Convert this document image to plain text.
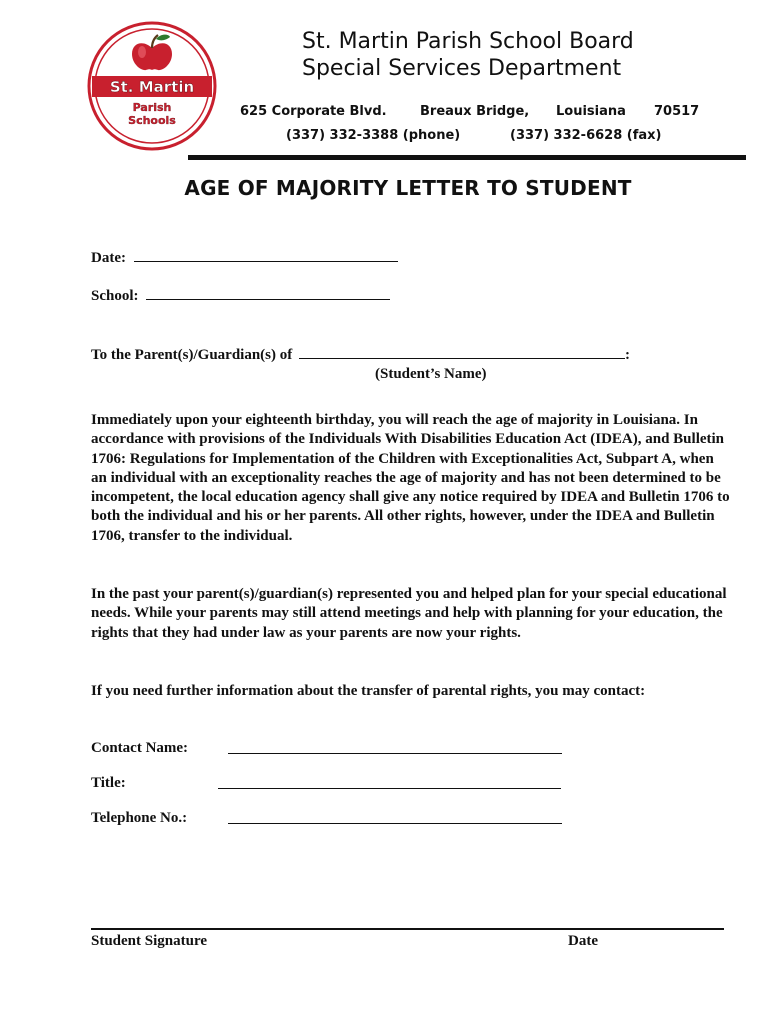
St. Martin
Parish
Schools
St. Martin Parish School Board
Special Services Department
625 Corporate Blvd.	Breaux Bridge, Louisiana 70517
(337) 332-3388 (phone)	(337) 332-6628 (fax)
AGE OF MAJORITY LETTER TO STUDENT
Date:
School:
To the Parent(s)/Guardian(s) of	:
(Student’s Name)

Immediately upon your eighteenth birthday, you will reach the age of majority in Louisiana. In accordance with provisions of the Individuals With Disabilities Education Act (IDEA), and Bulletin 1706: Regulations for Implementation of the Children with Exceptionalities Act, Subpart A, when an individual with an exceptionality reaches the age of majority and has not been determined to be incompetent, the local education agency shall give any notice required by IDEA and Bulletin 1706 to both the individual and his or her parents. All other rights, however, under the IDEA and Bulletin 1706, transfer to the individual.

In the past your parent(s)/guardian(s) represented you and helped plan for your special educational needs. While your parents may still attend meetings and help with planning for your education, the rights that they had under law as your parents are now your rights.

If you need further information about the transfer of parental rights, you may contact:

Contact Name:
Title:
Telephone No.:
Student Signature	Date
